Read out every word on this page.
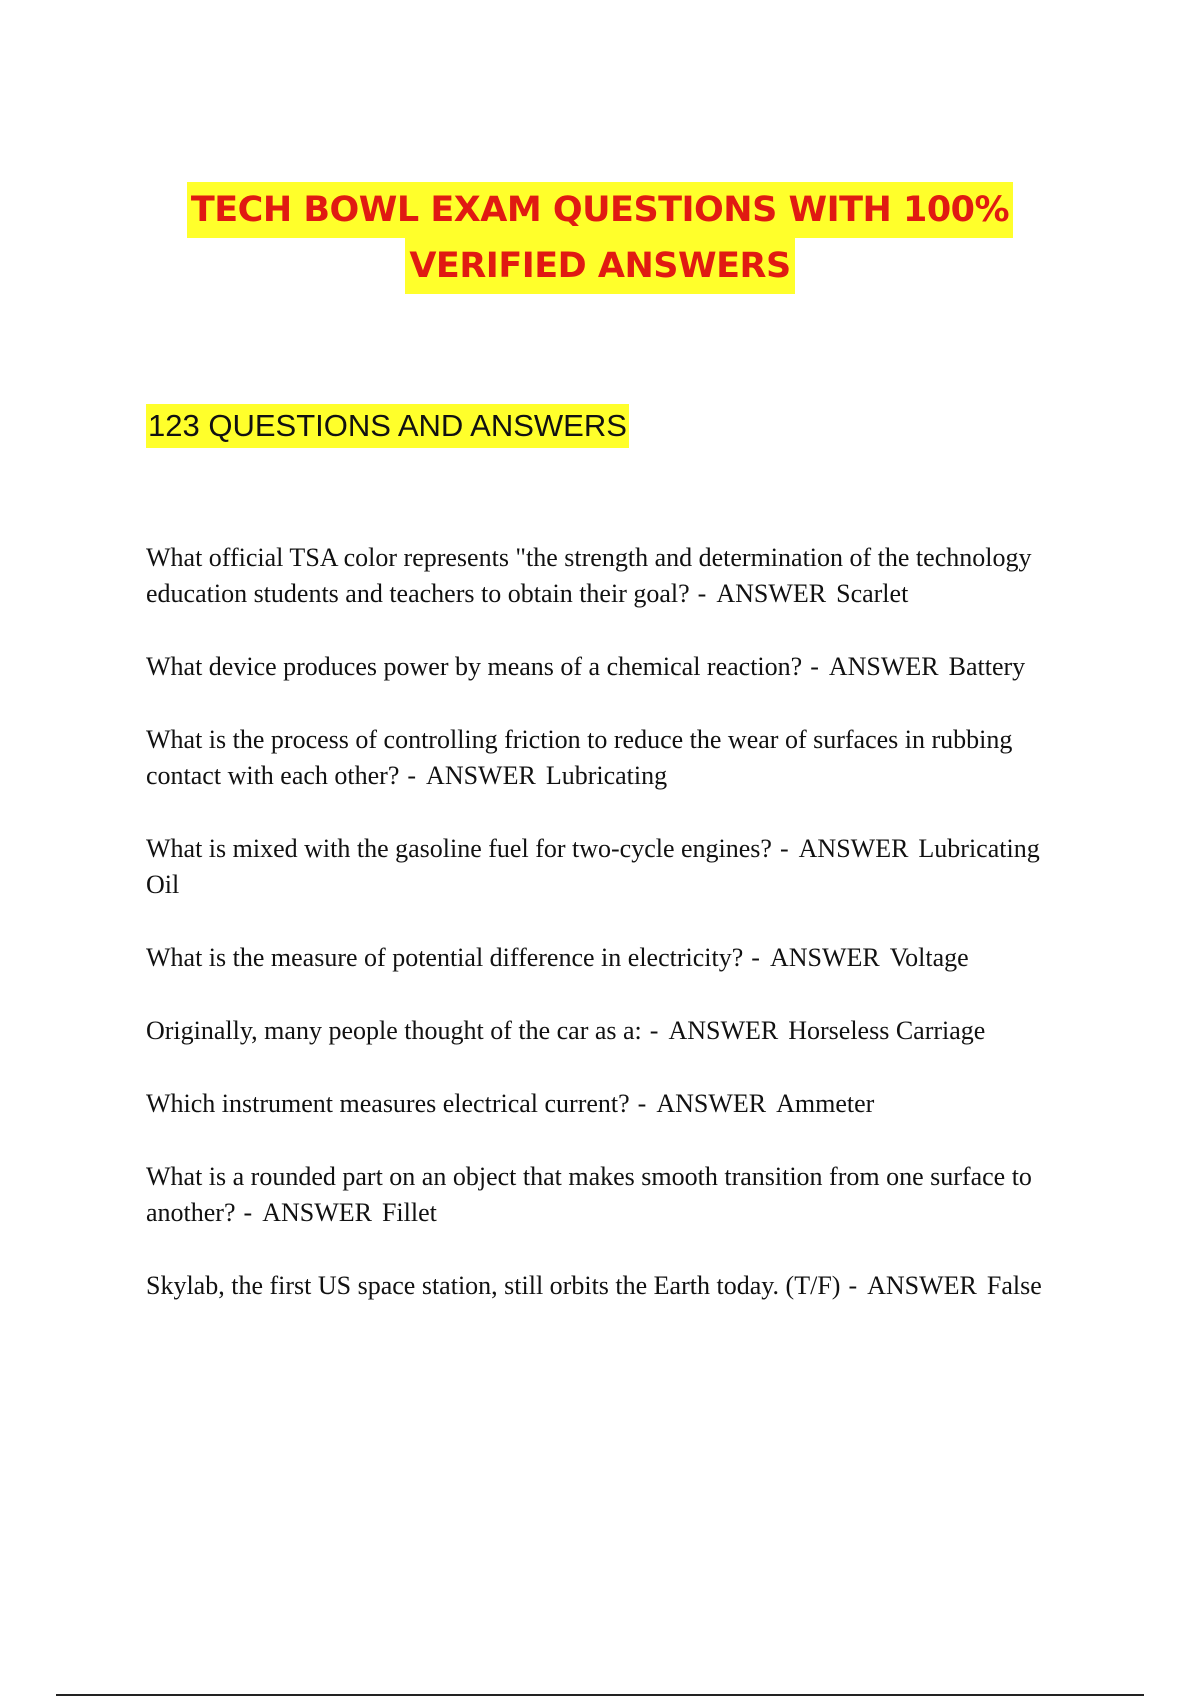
TECH BOWL EXAM QUESTIONS WITH 100%
VERIFIED ANSWERS
123 QUESTIONS AND ANSWERS
What official TSA color represents "the strength and determination of the technology education students and teachers to obtain their goal? - ANSWER Scarlet
What device produces power by means of a chemical reaction? - ANSWER Battery
What is the process of controlling friction to reduce the wear of surfaces in rubbing contact with each other? - ANSWER Lubricating
What is mixed with the gasoline fuel for two-cycle engines? - ANSWER Lubricating Oil
What is the measure of potential difference in electricity? - ANSWER Voltage
Originally, many people thought of the car as a: - ANSWER Horseless Carriage
Which instrument measures electrical current? - ANSWER Ammeter
What is a rounded part on an object that makes smooth transition from one surface to another? - ANSWER Fillet
Skylab, the first US space station, still orbits the Earth today. (T/F) - ANSWER False
